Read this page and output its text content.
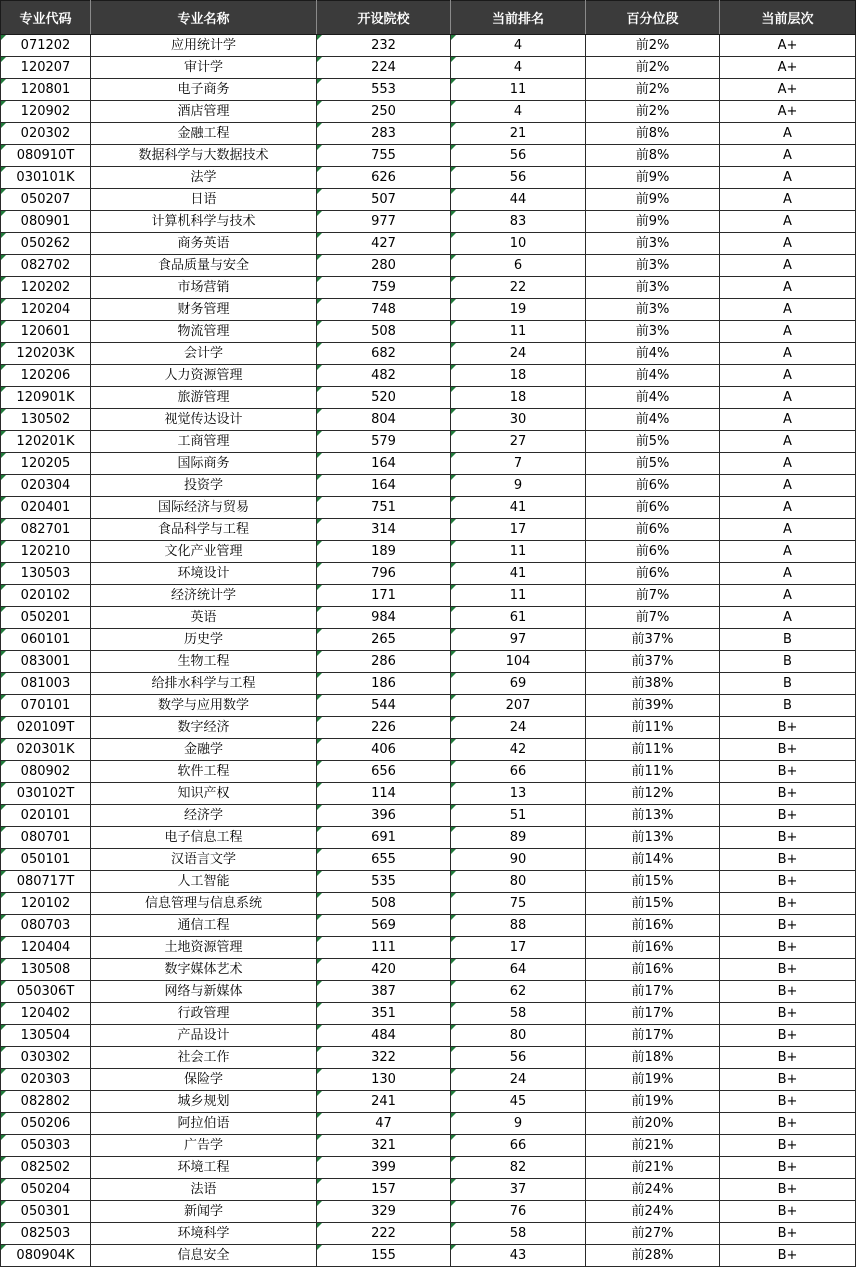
专业代码	专业名称	开设院校	当前排名	百分位段	当前层次
071202	应用统计学	232	4	前2%	A+
120207	审计学	224	4	前2%	A+
120801	电子商务	553	11	前2%	A+
120902	酒店管理	250	4	前2%	A+
020302	金融工程	283	21	前8%	A
080910T	数据科学与大数据技术	755	56	前8%	A
030101K	法学	626	56	前9%	A
050207	日语	507	44	前9%	A
080901	计算机科学与技术	977	83	前9%	A
050262	商务英语	427	10	前3%	A
082702	食品质量与安全	280	6	前3%	A
120202	市场营销	759	22	前3%	A
120204	财务管理	748	19	前3%	A
120601	物流管理	508	11	前3%	A
120203K	会计学	682	24	前4%	A
120206	人力资源管理	482	18	前4%	A
120901K	旅游管理	520	18	前4%	A
130502	视觉传达设计	804	30	前4%	A
120201K	工商管理	579	27	前5%	A
120205	国际商务	164	7	前5%	A
020304	投资学	164	9	前6%	A
020401	国际经济与贸易	751	41	前6%	A
082701	食品科学与工程	314	17	前6%	A
120210	文化产业管理	189	11	前6%	A
130503	环境设计	796	41	前6%	A
020102	经济统计学	171	11	前7%	A
050201	英语	984	61	前7%	A
060101	历史学	265	97	前37%	B
083001	生物工程	286	104	前37%	B
081003	给排水科学与工程	186	69	前38%	B
070101	数学与应用数学	544	207	前39%	B
020109T	数字经济	226	24	前11%	B+
020301K	金融学	406	42	前11%	B+
080902	软件工程	656	66	前11%	B+
030102T	知识产权	114	13	前12%	B+
020101	经济学	396	51	前13%	B+
080701	电子信息工程	691	89	前13%	B+
050101	汉语言文学	655	90	前14%	B+
080717T	人工智能	535	80	前15%	B+
120102	信息管理与信息系统	508	75	前15%	B+
080703	通信工程	569	88	前16%	B+
120404	土地资源管理	111	17	前16%	B+
130508	数字媒体艺术	420	64	前16%	B+
050306T	网络与新媒体	387	62	前17%	B+
120402	行政管理	351	58	前17%	B+
130504	产品设计	484	80	前17%	B+
030302	社会工作	322	56	前18%	B+
020303	保险学	130	24	前19%	B+
082802	城乡规划	241	45	前19%	B+
050206	阿拉伯语	47	9	前20%	B+
050303	广告学	321	66	前21%	B+
082502	环境工程	399	82	前21%	B+
050204	法语	157	37	前24%	B+
050301	新闻学	329	76	前24%	B+
082503	环境科学	222	58	前27%	B+
080904K	信息安全	155	43	前28%	B+
